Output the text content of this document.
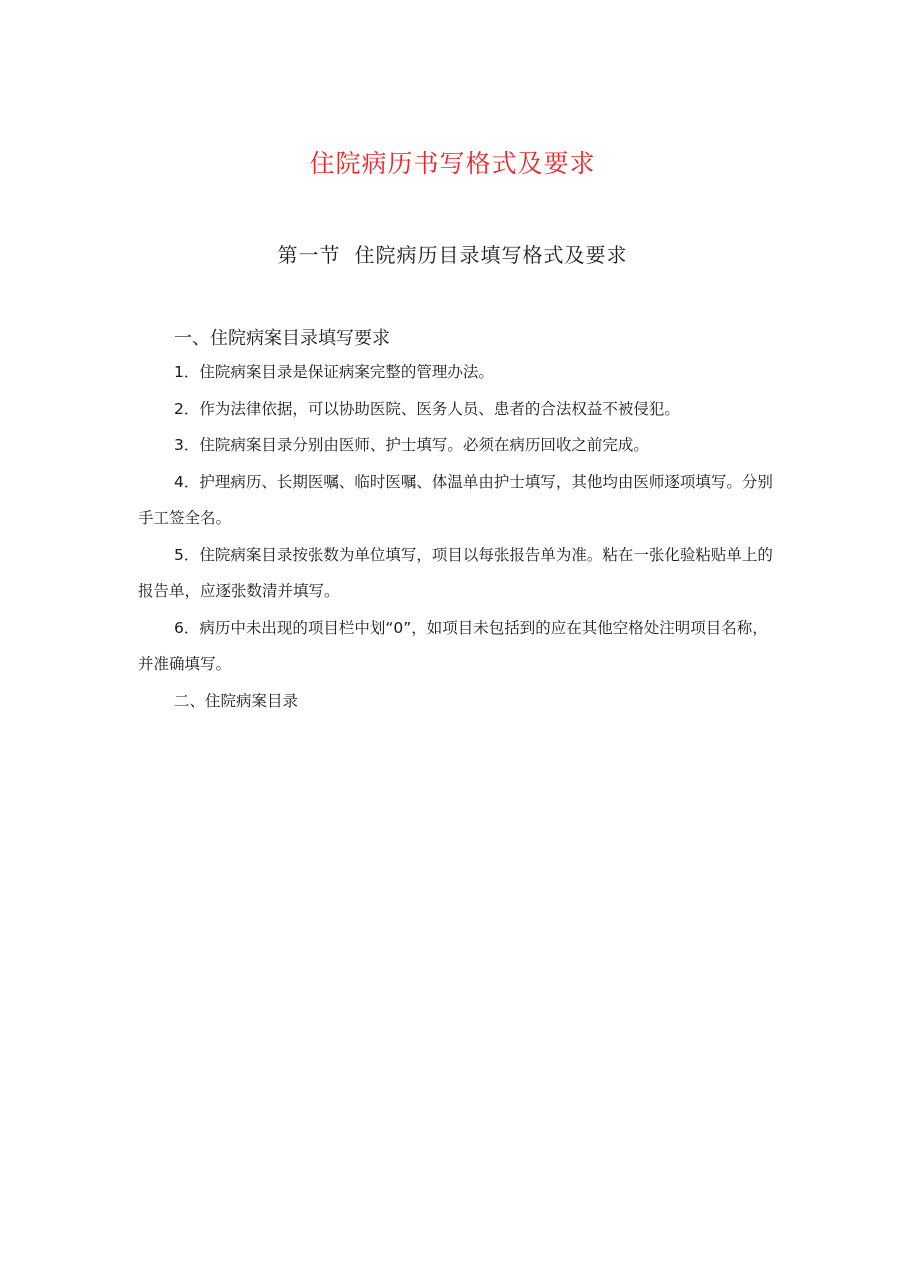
住院病历书写格式及要求
第一节 住院病历目录填写格式及要求
一、住院病案目录填写要求

1．住院病案目录是保证病案完整的管理办法。

2．作为法律依据，可以协助医院、医务人员、患者的合法权益不被侵犯。

3．住院病案目录分别由医师、护士填写。必须在病历回收之前完成。

4．护理病历、长期医嘱、临时医嘱、体温单由护士填写，其他均由医师逐项填写。分别手工签全名。

5．住院病案目录按张数为单位填写，项目以每张报告单为准。粘在一张化验粘贴单上的报告单，应逐张数清并填写。

6．病历中未出现的项目栏中划“0”，如项目未包括到的应在其他空格处注明项目名称，并准确填写。

二、住院病案目录
